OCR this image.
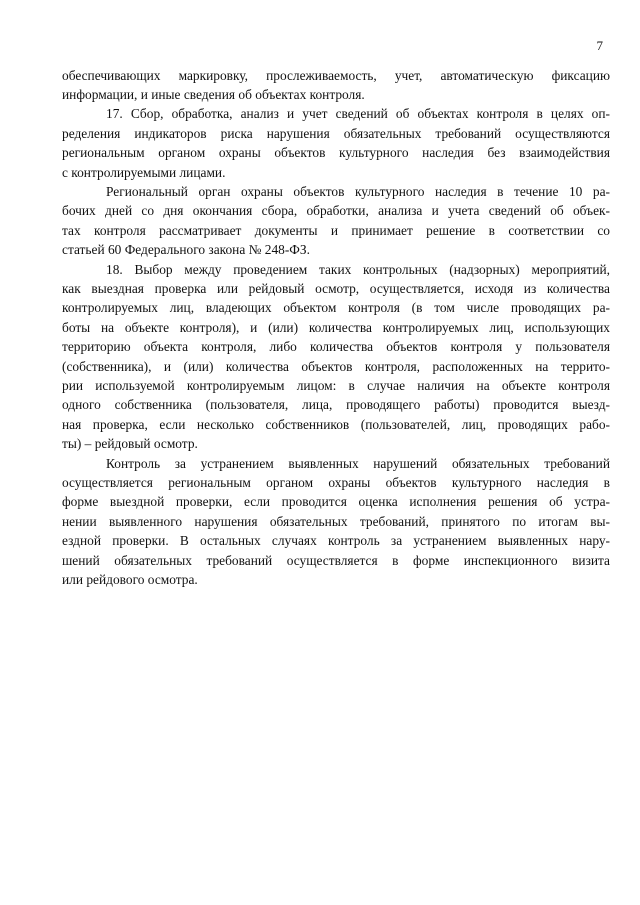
7
обеспечивающих маркировку, прослеживаемость, учет, автоматическую фиксацию
информации, и иные сведения об объектах контроля.
17. Сбор, обработка, анализ и учет сведений об объектах контроля в целях оп-
ределения индикаторов риска нарушения обязательных требований осуществляются
региональным органом охраны объектов культурного наследия без взаимодействия
с контролируемыми лицами.
Региональный орган охраны объектов культурного наследия в течение 10 ра-
бочих дней со дня окончания сбора, обработки, анализа и учета сведений об объек-
тах контроля рассматривает документы и принимает решение в соответствии со
статьей 60 Федерального закона № 248-ФЗ.
18. Выбор между проведением таких контрольных (надзорных) мероприятий,
как выездная проверка или рейдовый осмотр, осуществляется, исходя из количества
контролируемых лиц, владеющих объектом контроля (в том числе проводящих ра-
боты на объекте контроля), и (или) количества контролируемых лиц, использующих
территорию объекта контроля, либо количества объектов контроля у пользователя
(собственника), и (или) количества объектов контроля, расположенных на террито-
рии используемой контролируемым лицом: в случае наличия на объекте контроля
одного собственника (пользователя, лица, проводящего работы) проводится выезд-
ная проверка, если несколько собственников (пользователей, лиц, проводящих рабо-
ты) – рейдовый осмотр.
Контроль за устранением выявленных нарушений обязательных требований
осуществляется региональным органом охраны объектов культурного наследия в
форме выездной проверки, если проводится оценка исполнения решения об устра-
нении выявленного нарушения обязательных требований, принятого по итогам вы-
ездной проверки. В остальных случаях контроль за устранением выявленных нару-
шений обязательных требований осуществляется в форме инспекционного визита
или рейдового осмотра.
